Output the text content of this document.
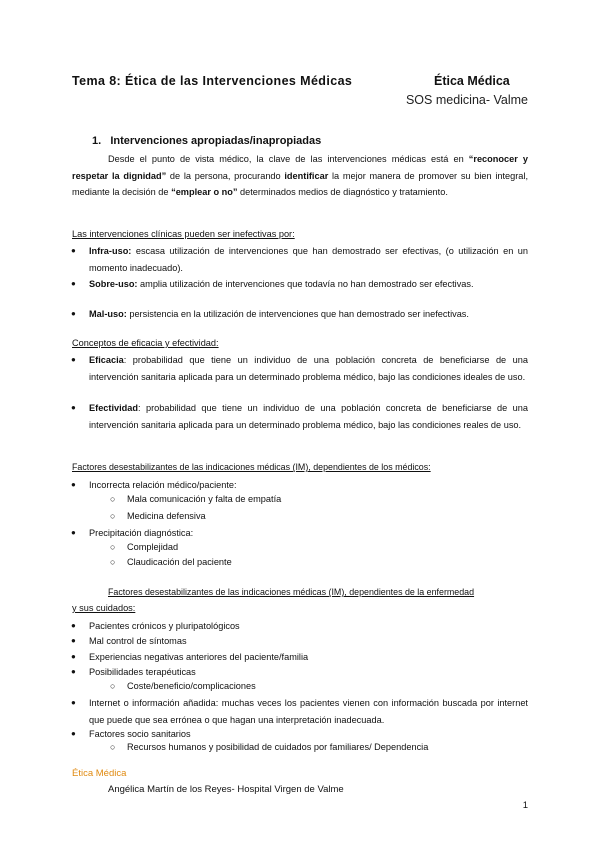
Tema 8: Ética de las Intervenciones Médicas	Ética Médica
SOS medicina- Valme
1. Intervenciones apropiadas/inapropiadas
Desde el punto de vista médico, la clave de las intervenciones médicas está en “reconocer y respetar la dignidad” de la persona, procurando identificar la mejor manera de promover su bien integral, mediante la decisión de “emplear o no” determinados medios de diagnóstico y tratamiento.
Las intervenciones clínicas pueden ser inefectivas por:
● Infra-uso: escasa utilización de intervenciones que han demostrado ser efectivas, (o utilización en un momento inadecuado).
● Sobre-uso: amplia utilización de intervenciones que todavía no han demostrado ser efectivas.
● Mal-uso: persistencia en la utilización de intervenciones que han demostrado ser inefectivas.
Conceptos de eficacia y efectividad:
● Eficacia: probabilidad que tiene un individuo de una población concreta de beneficiarse de una intervención sanitaria aplicada para un determinado problema médico, bajo las condiciones ideales de uso.
● Efectividad: probabilidad que tiene un individuo de una población concreta de beneficiarse de una intervención sanitaria aplicada para un determinado problema médico, bajo las condiciones reales de uso.
Factores desestabilizantes de las indicaciones médicas (IM), dependientes de los médicos:
● Incorrecta relación médico/paciente:
○ Mala comunicación y falta de empatía
○ Medicina defensiva
● Precipitación diagnóstica:
○ Complejidad
○ Claudicación del paciente
Factores desestabilizantes de las indicaciones médicas (IM), dependientes de la enfermedad
y sus cuidados:
● Pacientes crónicos y pluripatológicos
● Mal control de síntomas
● Experiencias negativas anteriores del paciente/familia
● Posibilidades terapéuticas
○ Coste/beneficio/complicaciones
● Internet o información añadida: muchas veces los pacientes vienen con información buscada por internet que puede que sea errónea o que hagan una interpretación inadecuada.
● Factores socio sanitarios
○ Recursos humanos y posibilidad de cuidados por familiares/ Dependencia
Ética Médica
Angélica Martín de los Reyes- Hospital Virgen de Valme
1
